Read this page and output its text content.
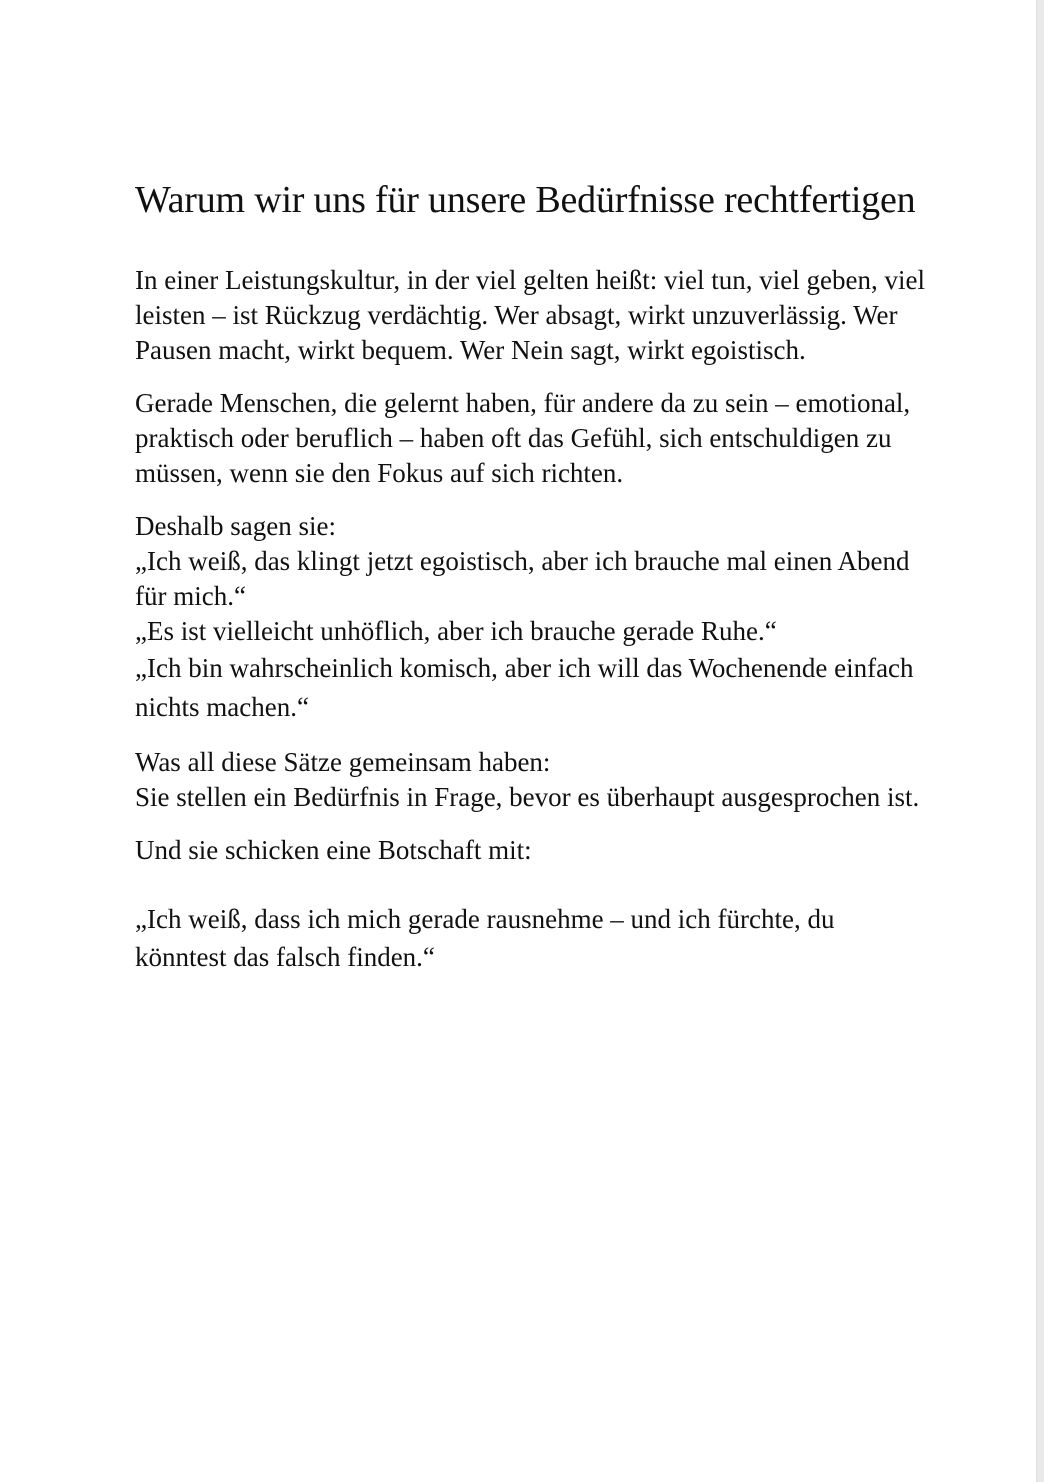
Warum wir uns für unsere Bedürfnisse rechtfertigen

In einer Leistungskultur, in der viel gelten heißt: viel tun, viel geben, viel leisten – ist Rückzug verdächtig. Wer absagt, wirkt unzuverlässig. Wer Pausen macht, wirkt bequem. Wer Nein sagt, wirkt egoistisch.

Gerade Menschen, die gelernt haben, für andere da zu sein – emotional, praktisch oder beruflich – haben oft das Gefühl, sich entschuldigen zu müssen, wenn sie den Fokus auf sich richten.

Deshalb sagen sie:
„Ich weiß, das klingt jetzt egoistisch, aber ich brauche mal einen Abend für mich.“
„Es ist vielleicht unhöflich, aber ich brauche gerade Ruhe.“
„Ich bin wahrscheinlich komisch, aber ich will das Wochenende einfach nichts machen.“

Was all diese Sätze gemeinsam haben:
Sie stellen ein Bedürfnis in Frage, bevor es überhaupt ausgesprochen ist.

Und sie schicken eine Botschaft mit:

„Ich weiß, dass ich mich gerade rausnehme – und ich fürchte, du könntest das falsch finden.“
